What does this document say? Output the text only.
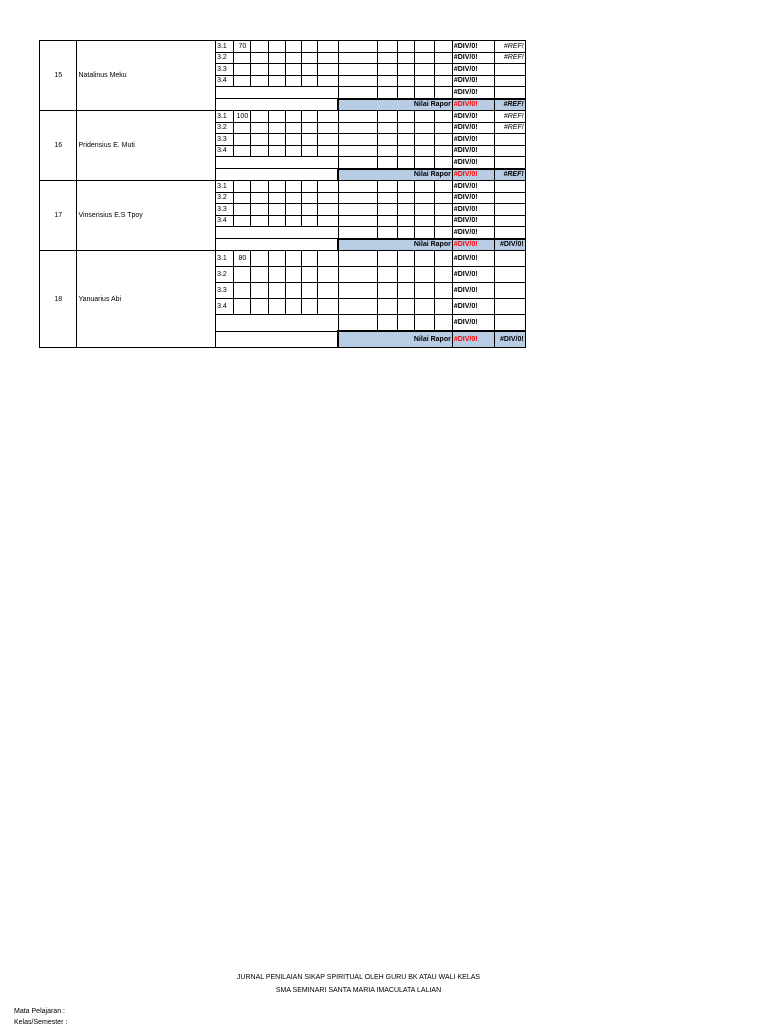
15	Natalinus Meku	3.1	70											#DIV/0!	#REF!
		3.2												#DIV/0!	#REF!
		3.3												#DIV/0!	
		3.4												#DIV/0!	
														#DIV/0!	
									Nilai Rapor					#DIV/0!	#REF!
16	Pridensius E. Muti	3.1	100											#DIV/0!	#REF!
		3.2												#DIV/0!	#REF!
		3.3												#DIV/0!	
		3.4												#DIV/0!	
														#DIV/0!	
									Nilai Rapor					#DIV/0!	#REF!
17	Vinsensius E.S Tpoy	3.1												#DIV/0!	
		3.2												#DIV/0!	
		3.3												#DIV/0!	
		3.4												#DIV/0!	
														#DIV/0!	
									Nilai Rapor					#DIV/0!	#DIV/0!
18	Yanuarius Abi	3.1	80											#DIV/0!	
		3.2												#DIV/0!	
		3.3												#DIV/0!	
		3.4												#DIV/0!	
														#DIV/0!	
									Nilai Rapor					#DIV/0!	#DIV/0!
JURNAL PENILAIAN SIKAP SPIRITUAL OLEH GURU BK ATAU WALI KELAS
SMA SEMINARI SANTA MARIA IMACULATA LALIAN
Mata Pelajaran :
Kelas/Semester :
